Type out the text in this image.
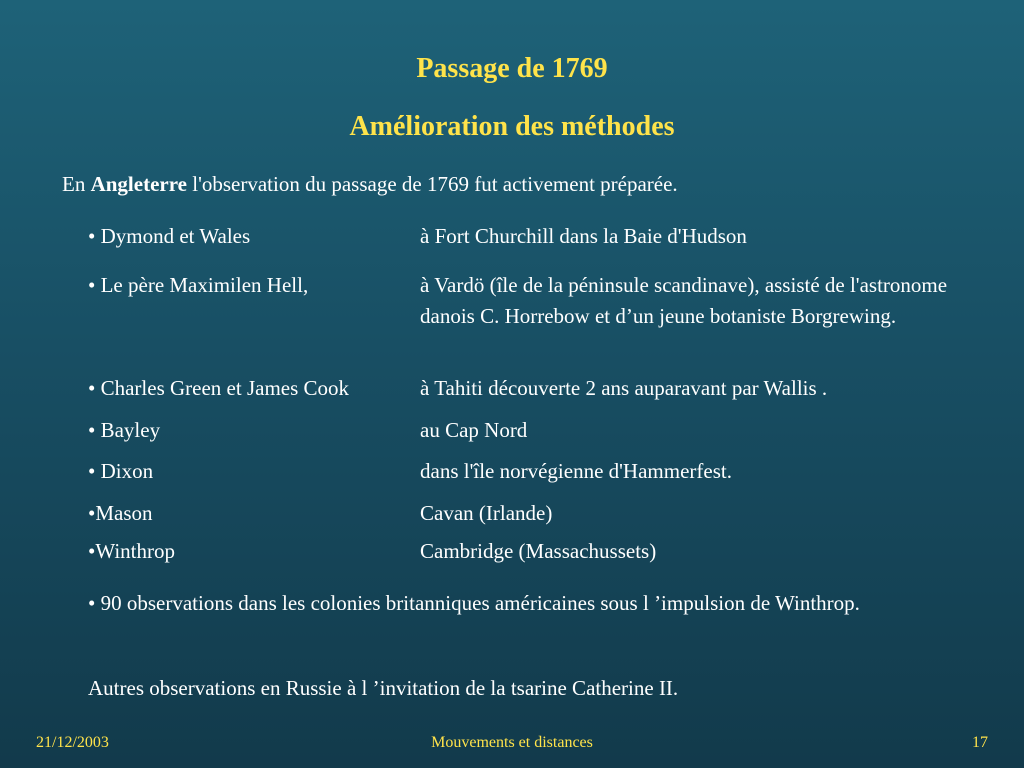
Passage de 1769
Amélioration des méthodes
En Angleterre l'observation du passage de 1769 fut activement préparée.
• Dymond et Wales	à Fort Churchill dans la Baie d'Hudson
• Le père Maximilen Hell,	à Vardö (île de la péninsule scandinave), assisté de l'astronome danois C. Horrebow et d’un jeune botaniste Borgrewing.
• Charles Green et James Cook	à Tahiti découverte 2 ans auparavant par Wallis .
• Bayley	au Cap Nord
• Dixon	dans l'île norvégienne d'Hammerfest.
•Mason	Cavan (Irlande)
•Winthrop	Cambridge (Massachussets)
• 90 observations dans les colonies britanniques américaines sous l ’impulsion de Winthrop.
Autres observations en Russie à l ’invitation de la tsarine Catherine II.
21/12/2003	Mouvements et distances	17
